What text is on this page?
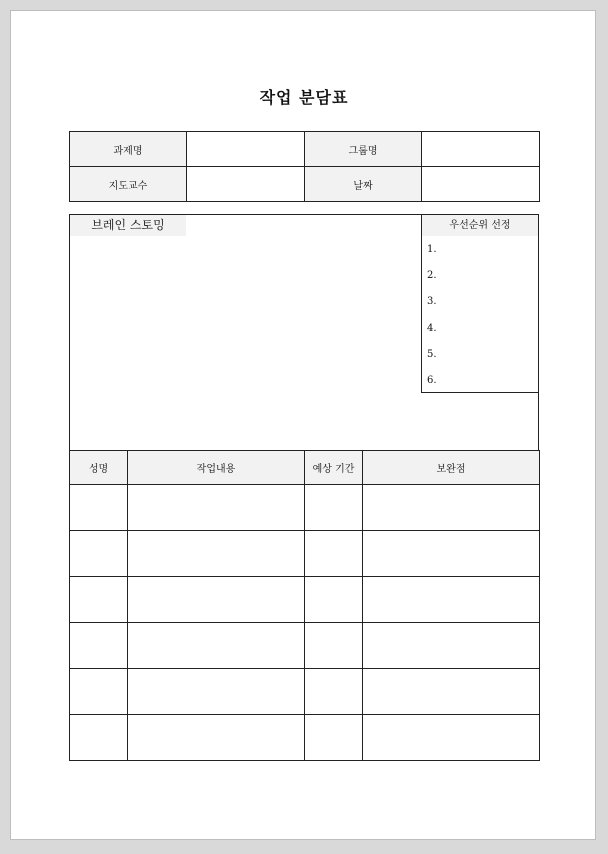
작업 분담표
과제명		그룹명	
지도교수		날짜	
브레인 스토밍	우선순위 선정
1.
2.
3.
4.
5.
6.
성명	작업내용	예상 기간	보완점
